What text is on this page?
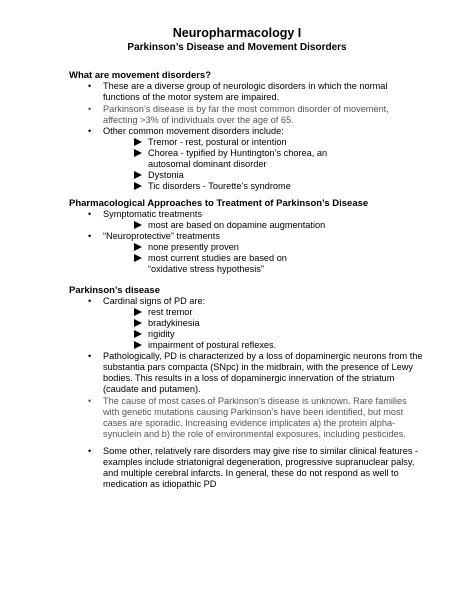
Neuropharmacology I
Parkinson’s Disease and Movement Disorders
What are movement disorders?
•	These are a diverse group of neurologic disorders in which the normal functions of the motor system are impaired.
•	Parkinson’s disease is by far the most common disorder of movement, affecting >3% of individuals over the age of 65.
•	Other common movement disorders include:
Tremor - rest, postural or intention
Chorea - typified by Huntington’s chorea, an autosomal dominant disorder
Dystonia
Tic disorders - Tourette’s syndrome
Pharmacological Approaches to Treatment of Parkinson’s Disease
•	Symptomatic treatments
most are based on dopamine augmentation
•	“Neuroprotective” treatments
none presently proven
most current studies are based on “oxidative stress hypothesis”
Parkinson’s disease
•	Cardinal signs of PD are:
rest tremor
bradykinesia
rigidity
impairment of postural reflexes.
•	Pathologically, PD is characterized by a loss of dopaminergic neurons from the substantia pars compacta (SNpc) in the midbrain, with the presence of Lewy bodies. This results in a loss of dopaminergic innervation of the striatum (caudate and putamen).
•	The cause of most cases of Parkinson’s disease is unknown. Rare families with genetic mutations causing Parkinson’s have been identified, but most cases are sporadic. Increasing evidence implicates a) the protein alpha-synuclein and b) the role of environmental exposures, including pesticides.
•	Some other, relatively rare disorders may give rise to similar clinical features - examples include striatonigral degeneration, progressive supranuclear palsy, and multiple cerebral infarcts. In general, these do not respond as well to medication as idiopathic PD
